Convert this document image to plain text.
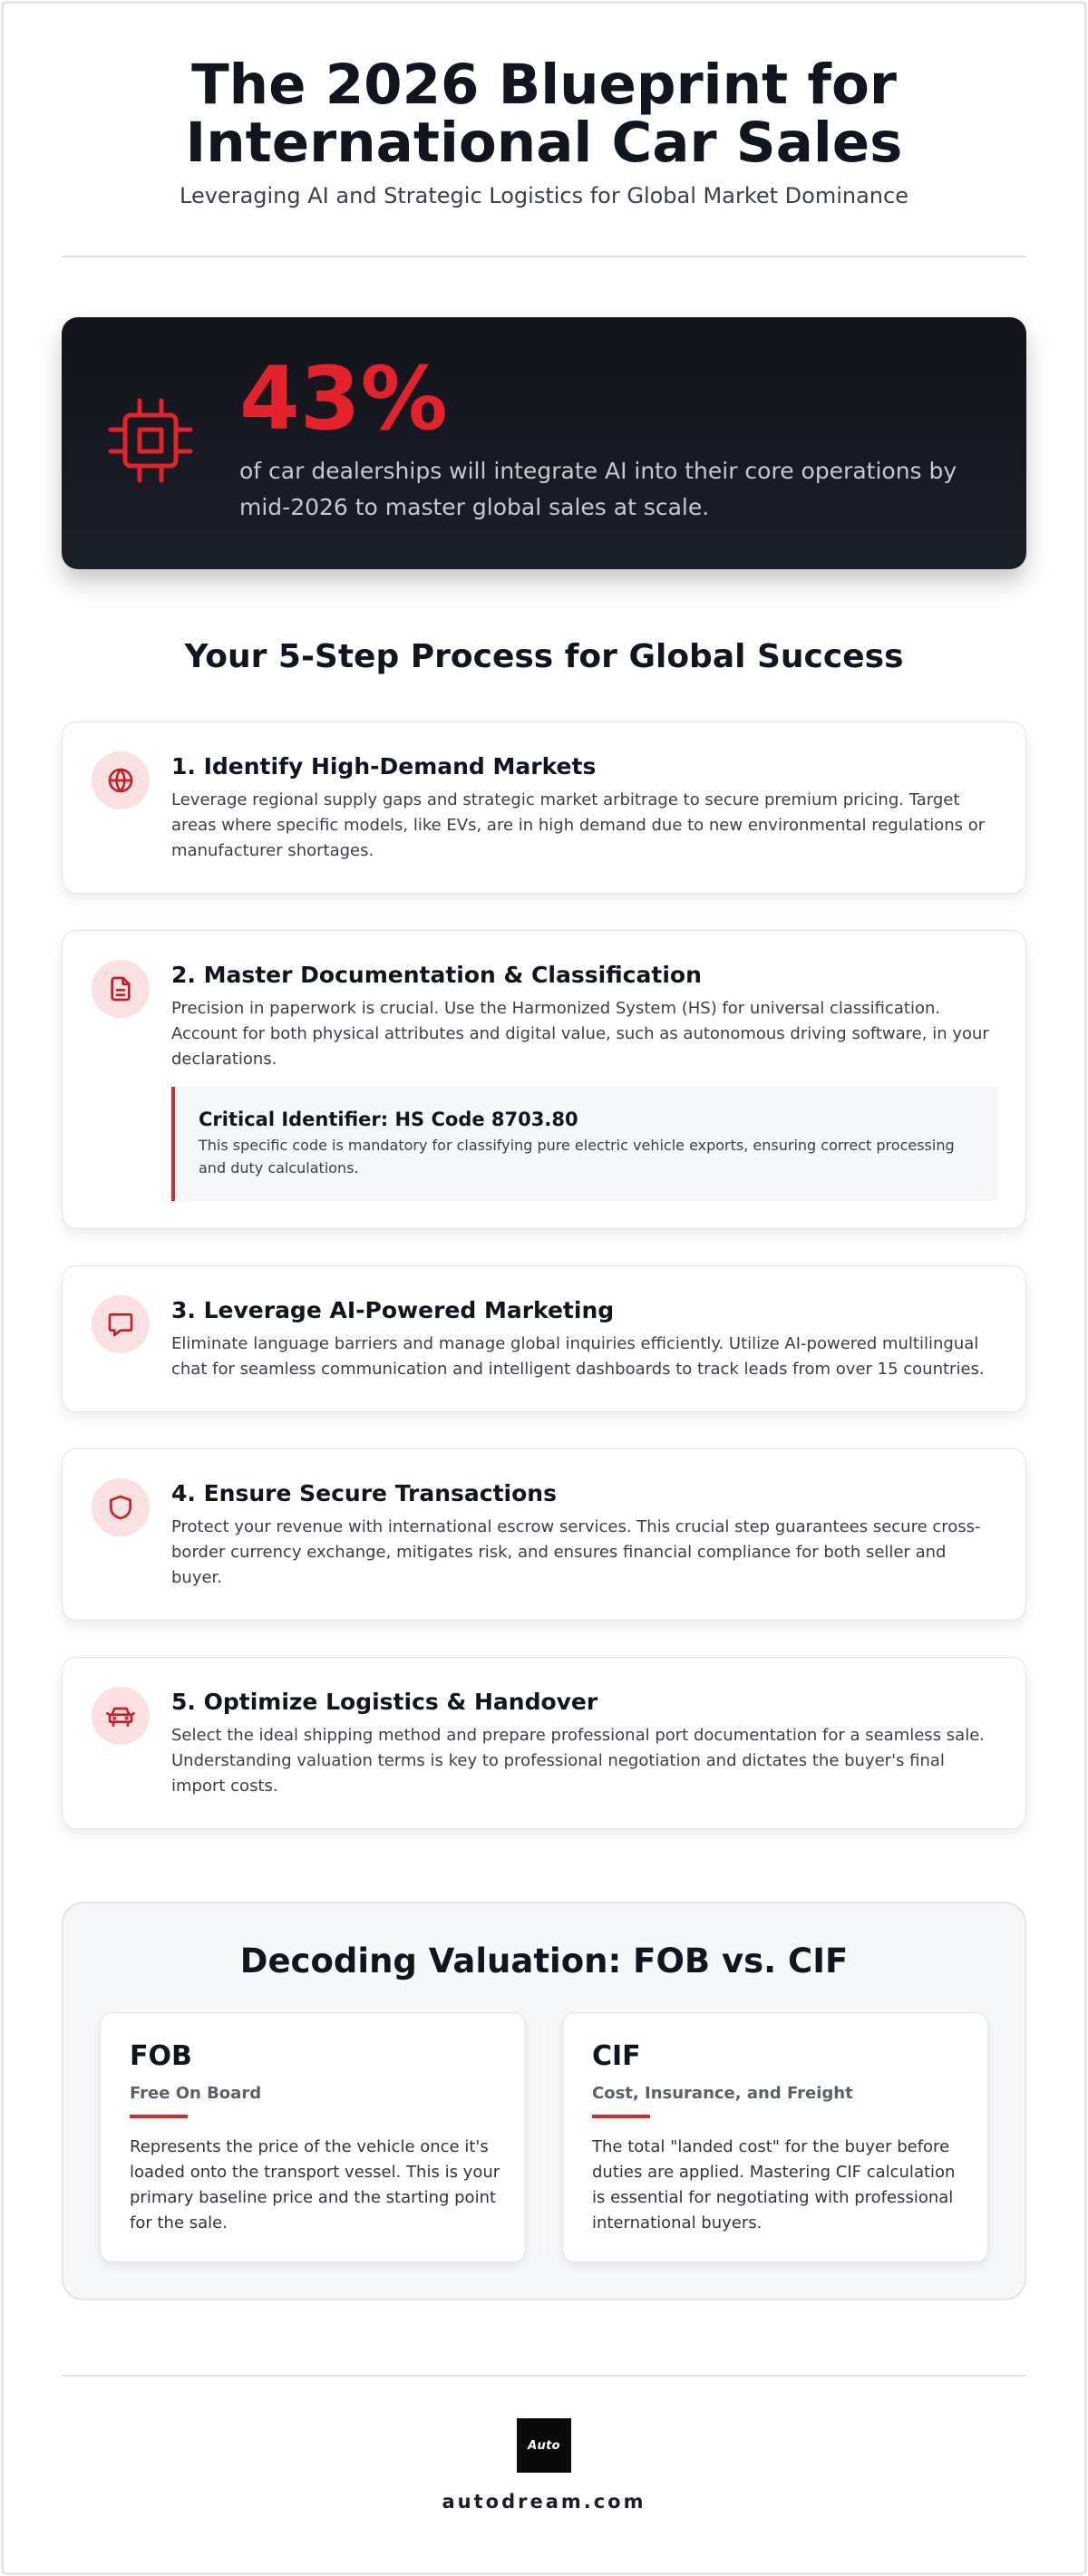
The 2026 Blueprint for
International Car Sales

Leveraging AI and Strategic Logistics for Global Market Dominance

43%

of car dealerships will integrate AI into their core operations by mid-2026 to master global sales at scale.

Your 5-Step Process for Global Success
1. Identify High-Demand Markets

Leverage regional supply gaps and strategic market arbitrage to secure premium pricing. Target areas where specific models, like EVs, are in high demand due to new environmental regulations or manufacturer shortages.

2. Master Documentation & Classification

Precision in paperwork is crucial. Use the Harmonized System (HS) for universal classification. Account for both physical attributes and digital value, such as autonomous driving software, in your declarations.

Critical Identifier: HS Code 8703.80

This specific code is mandatory for classifying pure electric vehicle exports, ensuring correct processing and duty calculations.

3. Leverage AI-Powered Marketing

Eliminate language barriers and manage global inquiries efficiently. Utilize AI-powered multilingual chat for seamless communication and intelligent dashboards to track leads from over 15 countries.

4. Ensure Secure Transactions

Protect your revenue with international escrow services. This crucial step guarantees secure cross-border currency exchange, mitigates risk, and ensures financial compliance for both seller and buyer.

5. Optimize Logistics & Handover

Select the ideal shipping method and prepare professional port documentation for a seamless sale. Understanding valuation terms is key to professional negotiation and dictates the buyer's final import costs.

Decoding Valuation: FOB vs. CIF
FOB
Free On Board

Represents the price of the vehicle once it's loaded onto the transport vessel. This is your primary baseline price and the starting point for the sale.

CIF
Cost, Insurance, and Freight

The total "landed cost" for the buyer before duties are applied. Mastering CIF calculation is essential for negotiating with professional international buyers.

Auto
autodream.com
